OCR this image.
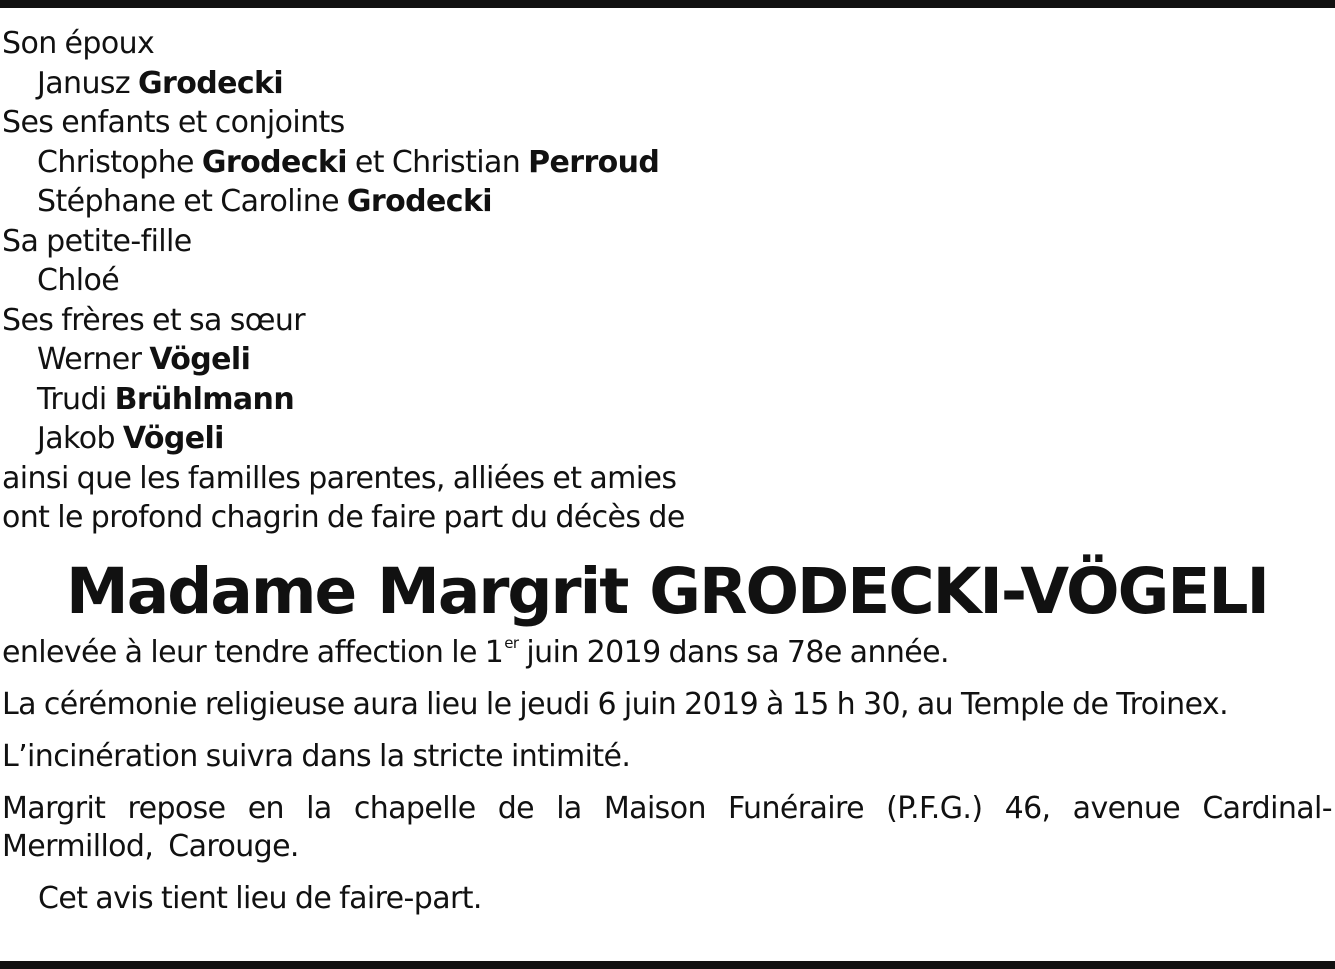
Son époux
Janusz Grodecki
Ses enfants et conjoints
Christophe Grodecki et Christian Perroud
Stéphane et Caroline Grodecki
Sa petite-fille
Chloé
Ses frères et sa sœur
Werner Vögeli
Trudi Brühlmann
Jakob Vögeli
ainsi que les familles parentes, alliées et amies
ont le profond chagrin de faire part du décès de
Madame Margrit GRODECKI-VÖGELI
enlevée à leur tendre affection le 1er juin 2019 dans sa 78e année.
La cérémonie religieuse aura lieu le jeudi 6 juin 2019 à 15 h 30, au Temple de Troinex.
L’incinération suivra dans la stricte intimité.
Margrit repose en la chapelle de la Maison Funéraire (P.F.G.) 46, avenue Cardinal-Mermillod, Carouge.
Cet avis tient lieu de faire-part.
